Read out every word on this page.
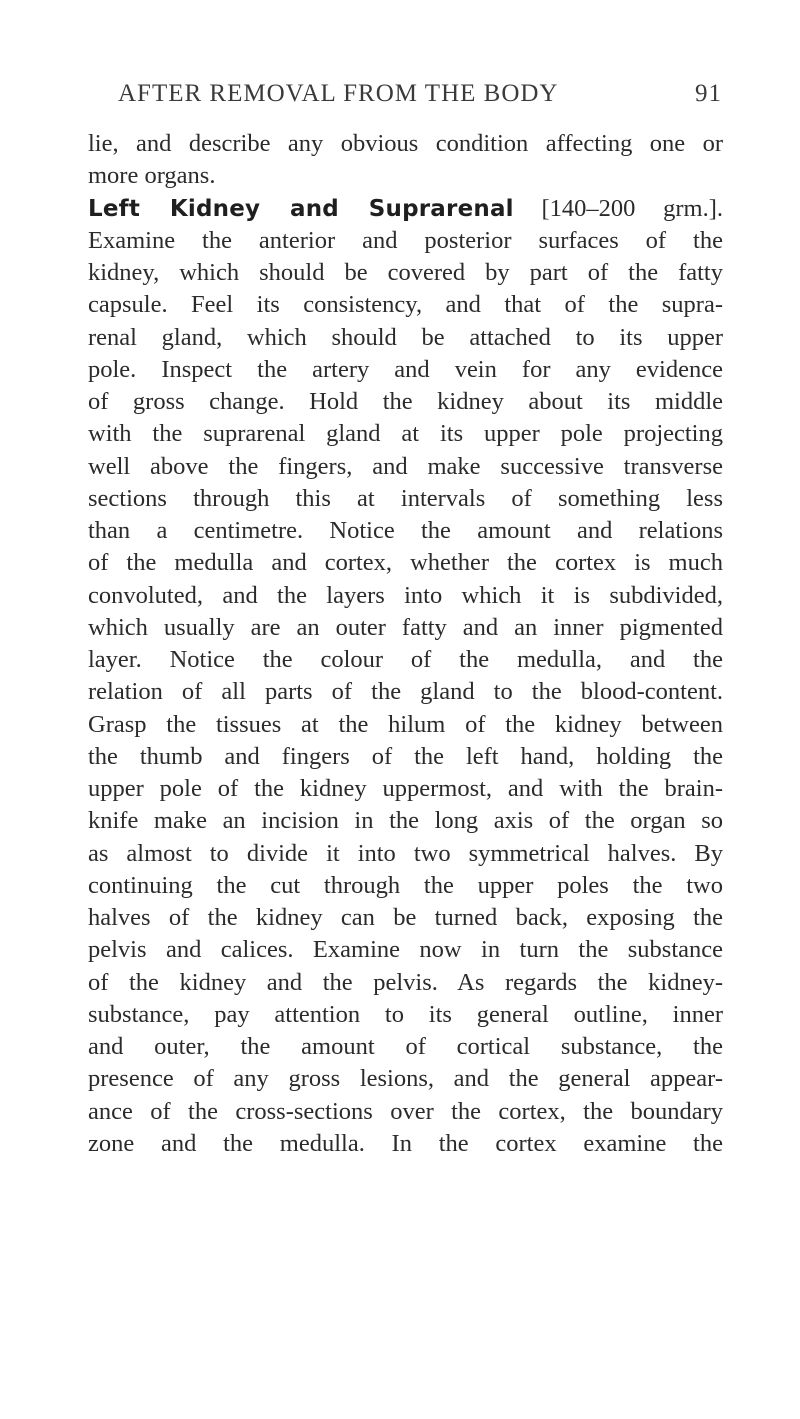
AFTER REMOVAL FROM THE BODY	91
lie, and describe any obvious condition affecting one or
more organs.
Left Kidney and Suprarenal [140–200 grm.].
Examine the anterior and posterior surfaces of the
kidney, which should be covered by part of the fatty
capsule. Feel its consistency, and that of the supra-
renal gland, which should be attached to its upper
pole. Inspect the artery and vein for any evidence
of gross change. Hold the kidney about its middle
with the suprarenal gland at its upper pole projecting
well above the fingers, and make successive transverse
sections through this at intervals of something less
than a centimetre. Notice the amount and relations
of the medulla and cortex, whether the cortex is much
convoluted, and the layers into which it is subdivided,
which usually are an outer fatty and an inner pigmented
layer. Notice the colour of the medulla, and the
relation of all parts of the gland to the blood-content.
Grasp the tissues at the hilum of the kidney between
the thumb and fingers of the left hand, holding the
upper pole of the kidney uppermost, and with the brain-
knife make an incision in the long axis of the organ so
as almost to divide it into two symmetrical halves. By
continuing the cut through the upper poles the two
halves of the kidney can be turned back, exposing the
pelvis and calices. Examine now in turn the substance
of the kidney and the pelvis. As regards the kidney-
substance, pay attention to its general outline, inner
and outer, the amount of cortical substance, the
presence of any gross lesions, and the general appear-
ance of the cross-sections over the cortex, the boundary
zone and the medulla. In the cortex examine the
